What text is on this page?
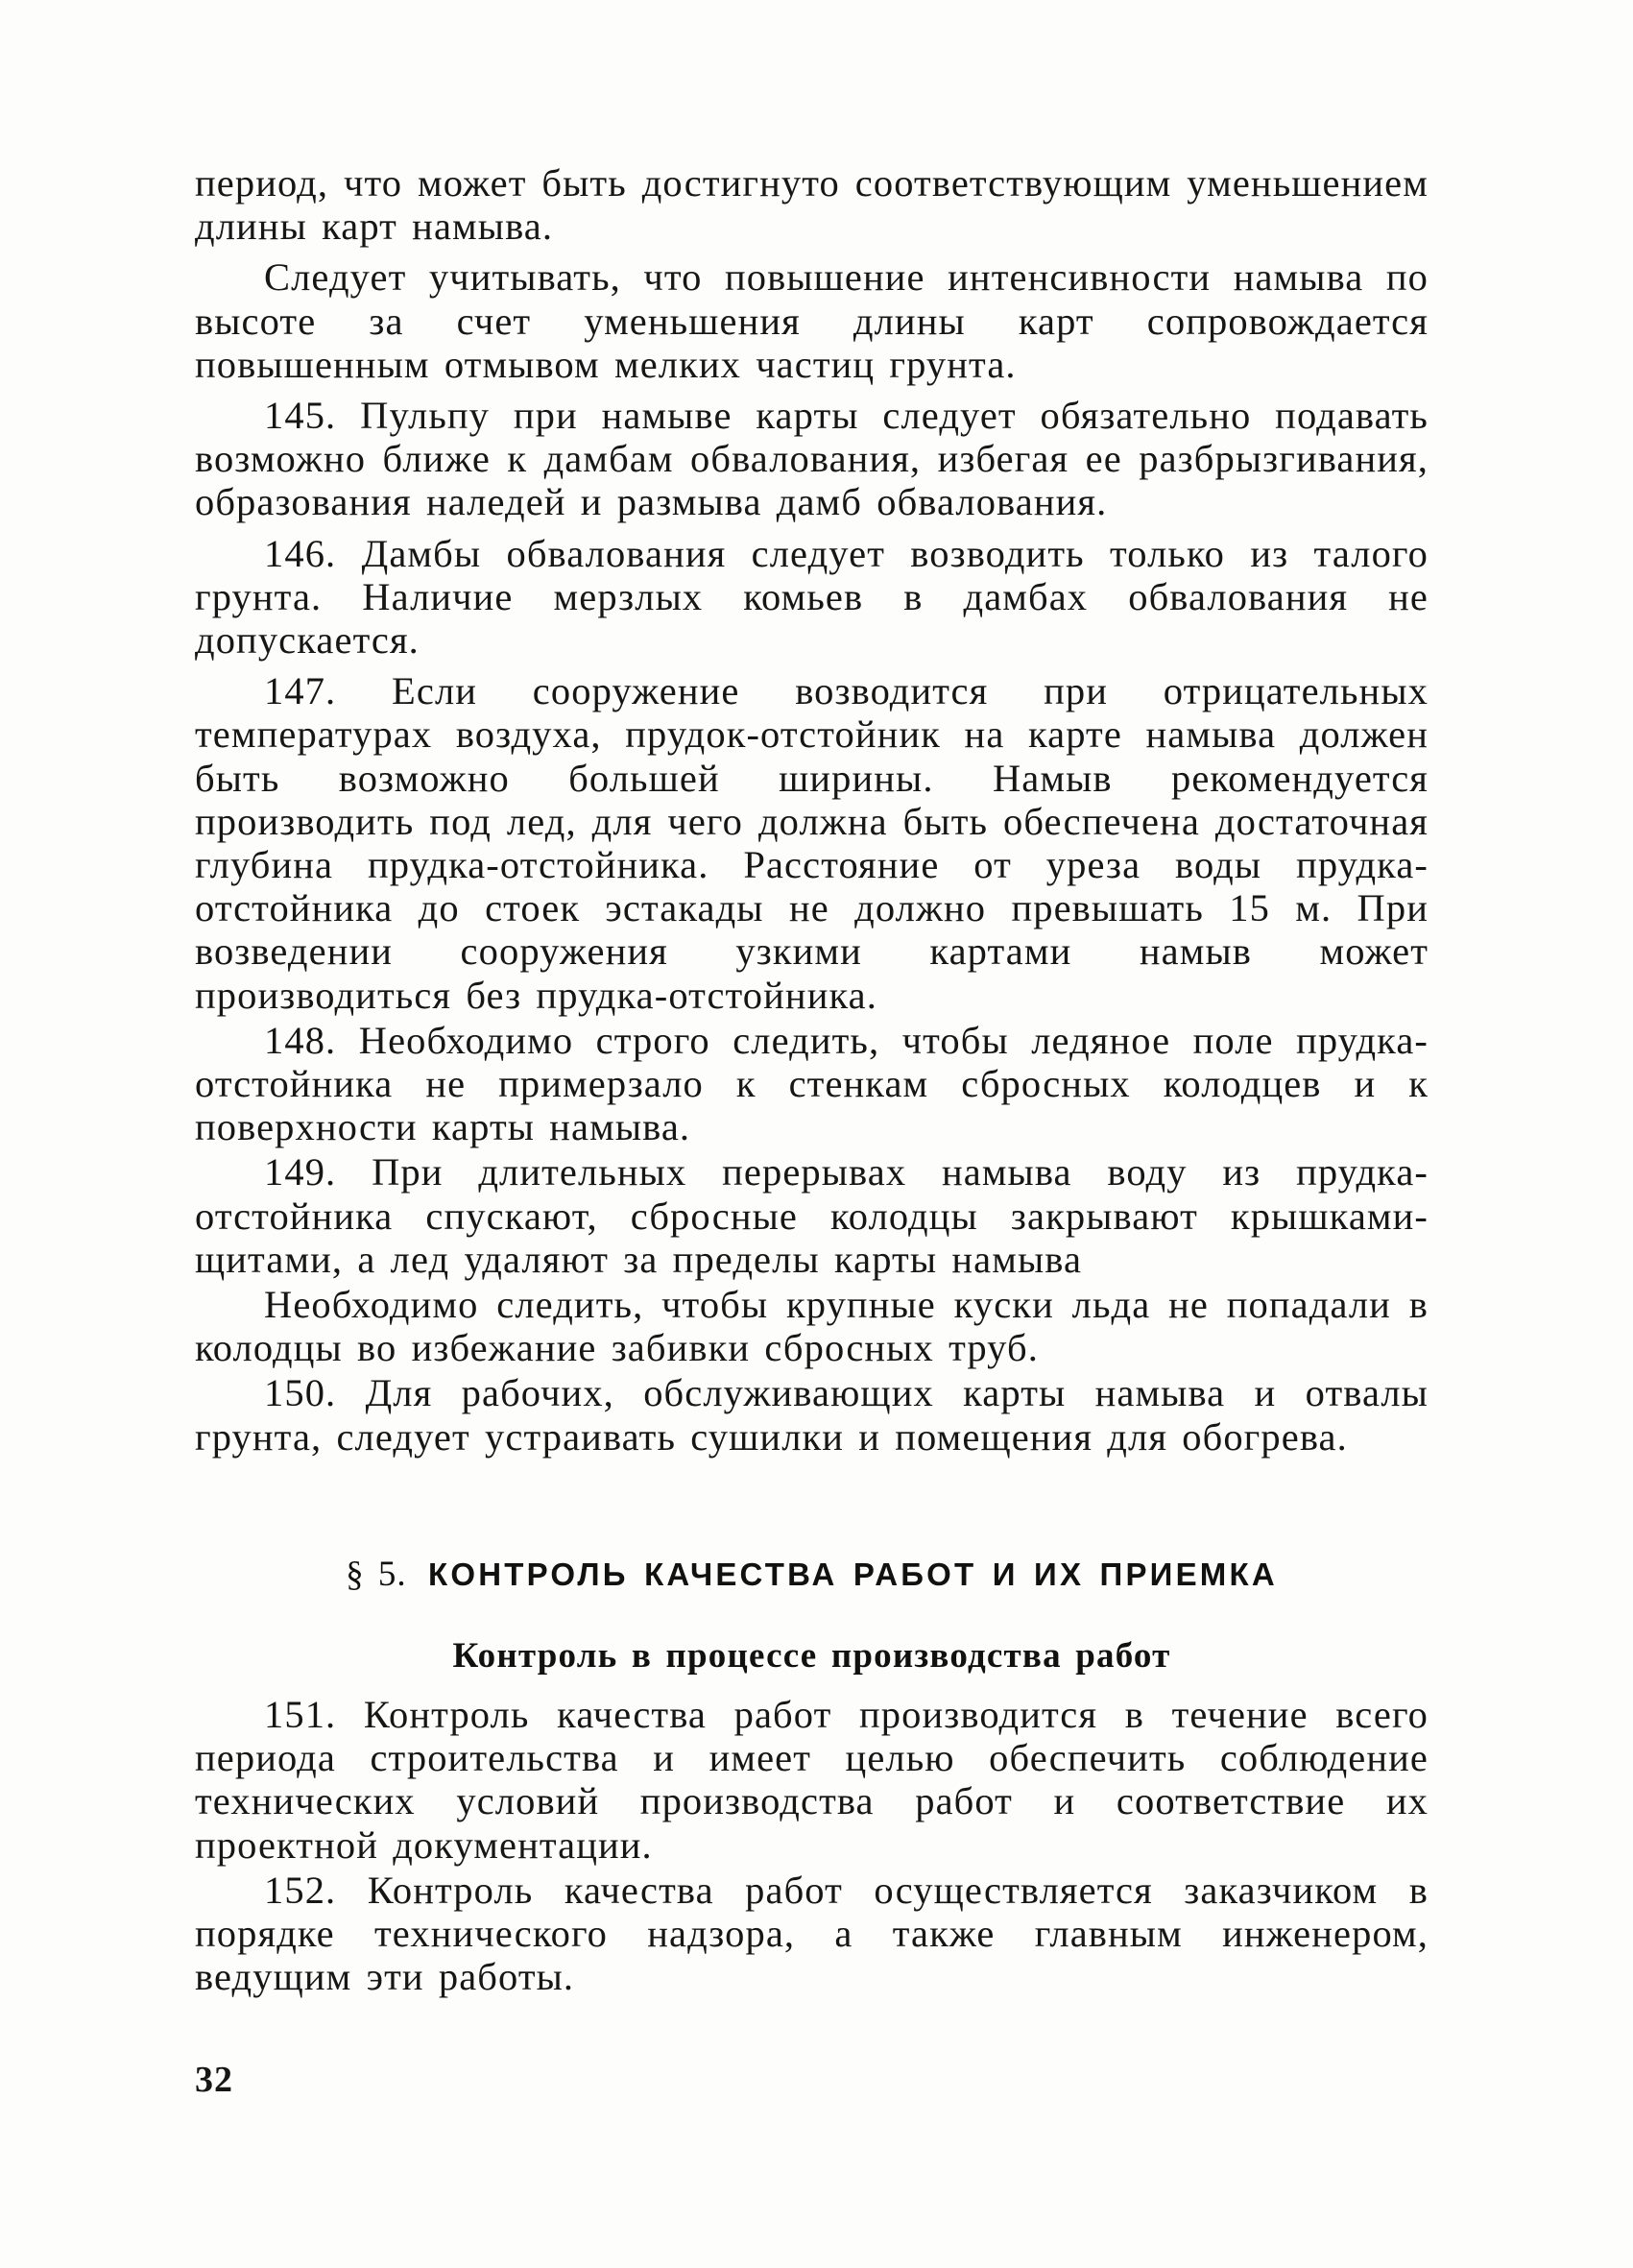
период, что может быть достигнуто соответствующим уменьшением длины карт намыва.

Следует учитывать, что повышение интенсивности намыва по высоте за счет уменьшения длины карт сопровождается повышенным отмывом мелких частиц грунта.

145. Пульпу при намыве карты следует обязательно подавать возможно ближе к дамбам обвалования, избегая ее разбрызгивания, образования наледей и размыва дамб обвалования.

146. Дамбы обвалования следует возводить только из талого грунта. Наличие мерзлых комьев в дамбах обвалования не допускается.

147. Если сооружение возводится при отрицательных температурах воздуха, прудок-отстойник на карте намыва должен быть возможно большей ширины. Намыв рекомендуется производить под лед, для чего должна быть обеспечена достаточная глубина прудка-отстойника. Расстояние от уреза воды прудка-отстойника до стоек эстакады не должно превышать 15 м. При возведении сооружения узкими картами намыв может производиться без прудка-отстойника.

148. Необходимо строго следить, чтобы ледяное поле прудка-отстойника не примерзало к стенкам сбросных колодцев и к поверхности карты намыва.

149. При длительных перерывах намыва воду из прудка-отстойника спускают, сбросные колодцы закрывают крышками-щитами, а лед удаляют за пределы карты намыва

Необходимо следить, чтобы крупные куски льда не попадали в колодцы во избежание забивки сбросных труб.

150. Для рабочих, обслуживающих карты намыва и отвалы грунта, следует устраивать сушилки и помещения для обогрева.

§ 5. КОНТРОЛЬ КАЧЕСТВА РАБОТ И ИХ ПРИЕМКА
Контроль в процессе производства работ

151. Контроль качества работ производится в течение всего периода строительства и имеет целью обеспечить соблюдение технических условий производства работ и соответствие их проектной документации.

152. Контроль качества работ осуществляется заказчиком в порядке технического надзора, а также главным инженером, ведущим эти работы.

32
